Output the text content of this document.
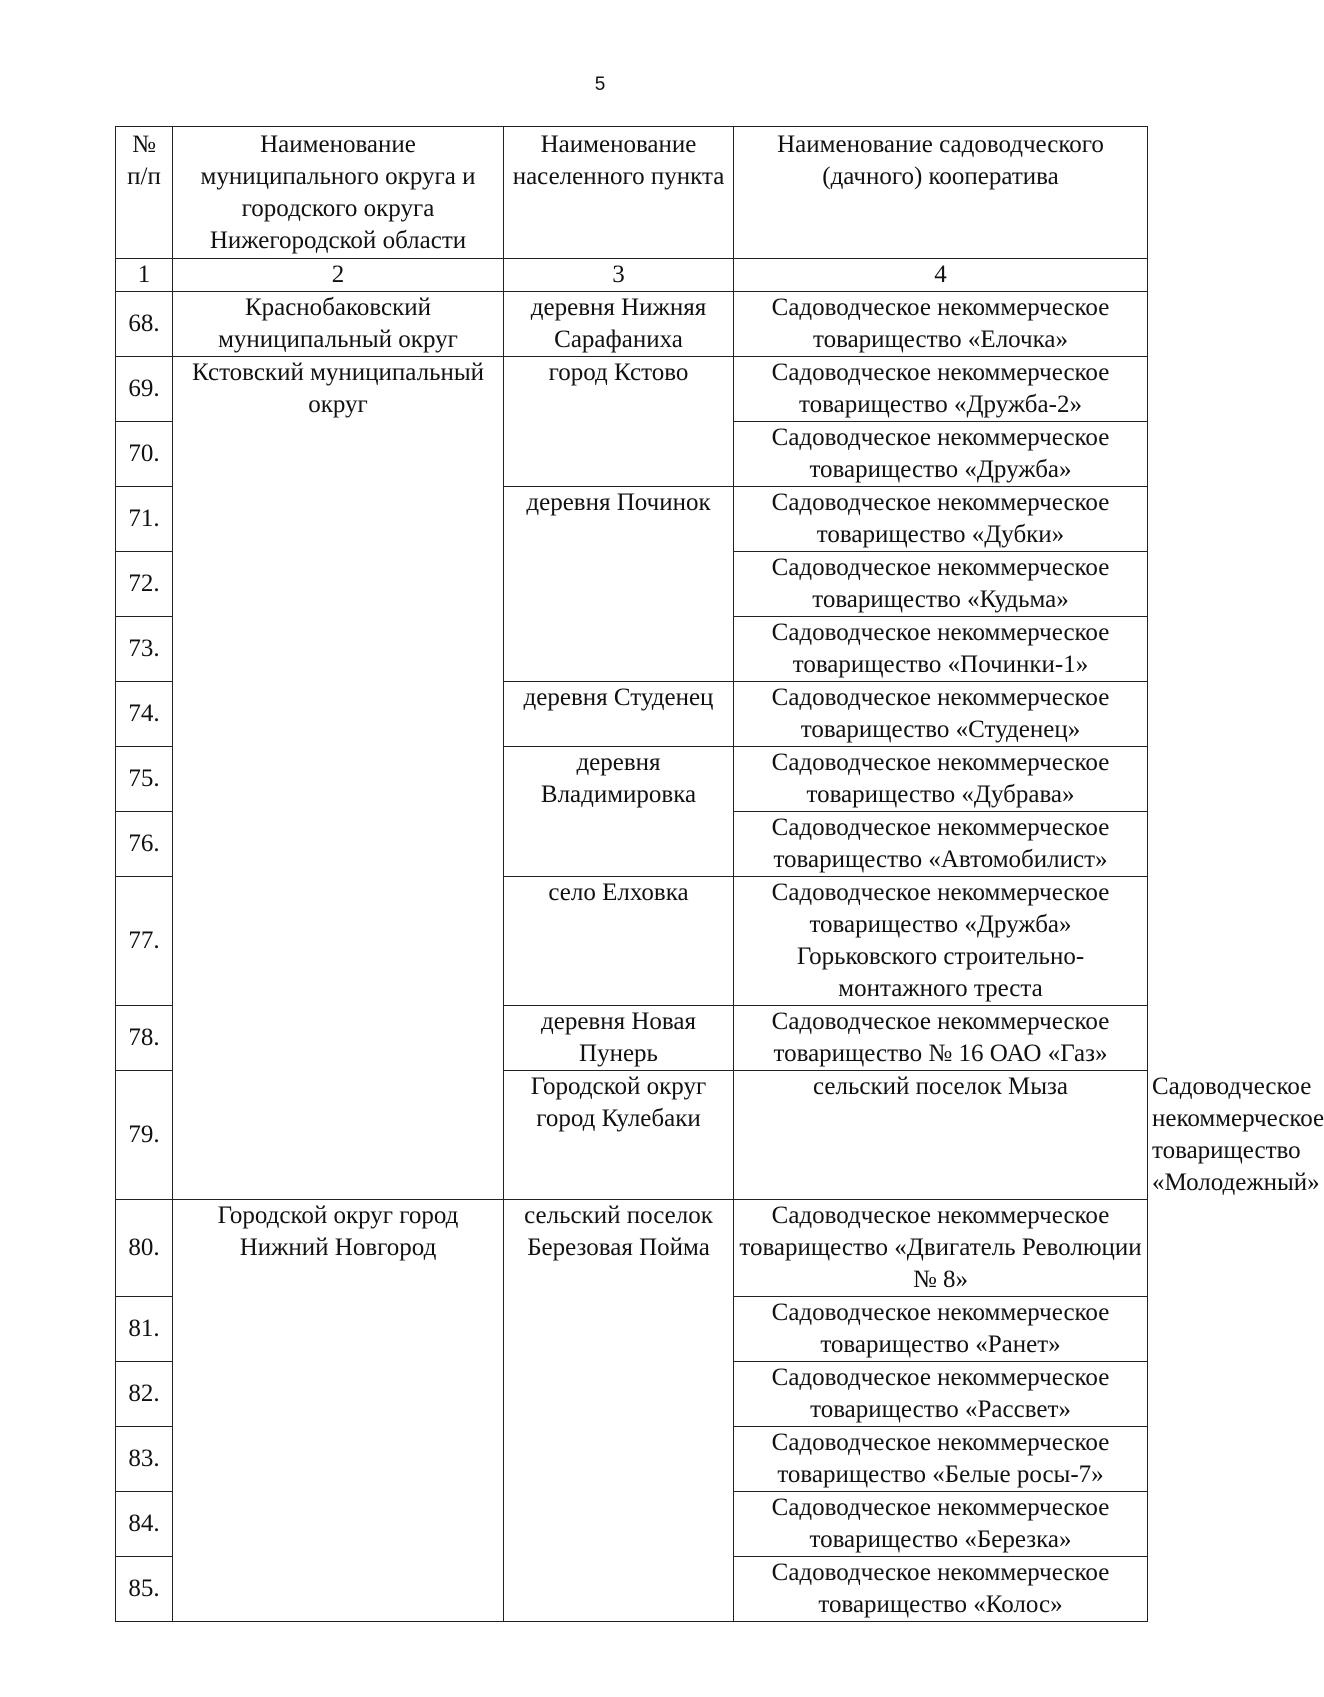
5
№ п/п	Наименование муниципального округа и городского округа Нижегородской области	Наименование населенного пункта	Наименование садоводческого (дачного) кооператива	
1	2	3	4	
68.	Краснобаковский муниципальный округ	деревня Нижняя Сарафаниха	Садоводческое некоммерческое товарищество «Елочка»	
69.	Кстовский муниципальный округ	город Кстово	Садоводческое некоммерческое товарищество «Дружба-2»	
70.			Садоводческое некоммерческое товарищество «Дружба»	
71.		деревня Починок	Садоводческое некоммерческое товарищество «Дубки»	
72.			Садоводческое некоммерческое товарищество «Кудьма»	
73.			Садоводческое некоммерческое товарищество «Починки-1»	
74.		деревня Студенец	Садоводческое некоммерческое товарищество «Студенец»	
75.		деревня Владимировка	Садоводческое некоммерческое товарищество «Дубрава»	
76.			Садоводческое некоммерческое товарищество «Автомобилист»	
77.		село Елховка	Садоводческое некоммерческое товарищество «Дружба» Горьковского строительно-монтажного треста	
78.		деревня Новая Пунерь	Садоводческое некоммерческое товарищество № 16 ОАО «Газ»	
79.		Городской округ город Кулебаки	сельский поселок Мыза	Садоводческое некоммерческое товарищество «Молодежный»
80.	Городской округ город Нижний Новгород	сельский поселок Березовая Пойма	Садоводческое некоммерческое товарищество «Двигатель Революции № 8»	
81.			Садоводческое некоммерческое товарищество «Ранет»	
82.			Садоводческое некоммерческое товарищество «Рассвет»	
83.			Садоводческое некоммерческое товарищество «Белые росы-7»	
84.			Садоводческое некоммерческое товарищество «Березка»	
85.			Садоводческое некоммерческое товарищество «Колос»	
